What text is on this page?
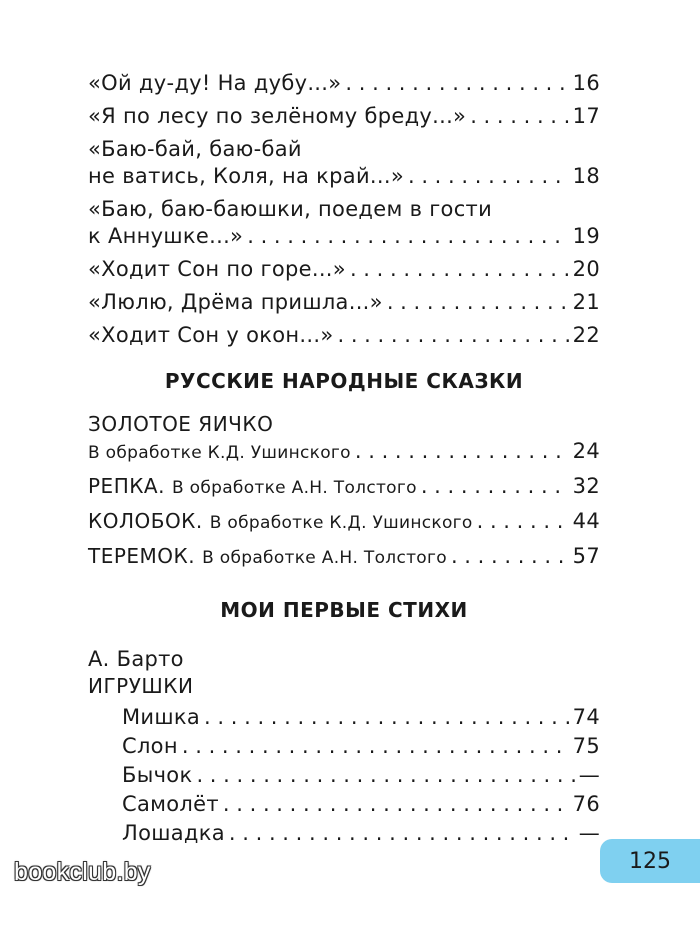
«Ой ду-ду! На дубу...» . . .	16
«Я по лесу по зелёному бреду...» . . .	17
«Баю-бай, баю-бай
не ватись, Коля, на край...» . . .	18
«Баю, баю-баюшки, поедем в гости
к Аннушке...» . . .	19
«Ходит Сон по горе...» . . .	20
«Люлю, Дрёма пришла...» . . .	21
«Ходит Сон у окон...» . . .	22
РУССКИЕ НАРОДНЫЕ СКАЗКИ
ЗОЛОТОЕ ЯИЧКО
В обработке К.Д. Ушинского . . .	24
РЕПКА. В обработке А.Н. Толстого . . .	32
КОЛОБОК. В обработке К.Д. Ушинского . . .	44
ТЕРЕМОК. В обработке А.Н. Толстого . . .	57
МОИ ПЕРВЫЕ СТИХИ
А. Барто
ИГРУШКИ
Мишка . . .	74
Слон . . .	75
Бычок . . .	—
Самолёт . . .	76
Лошадка . . .	—
125
bookclub.by
